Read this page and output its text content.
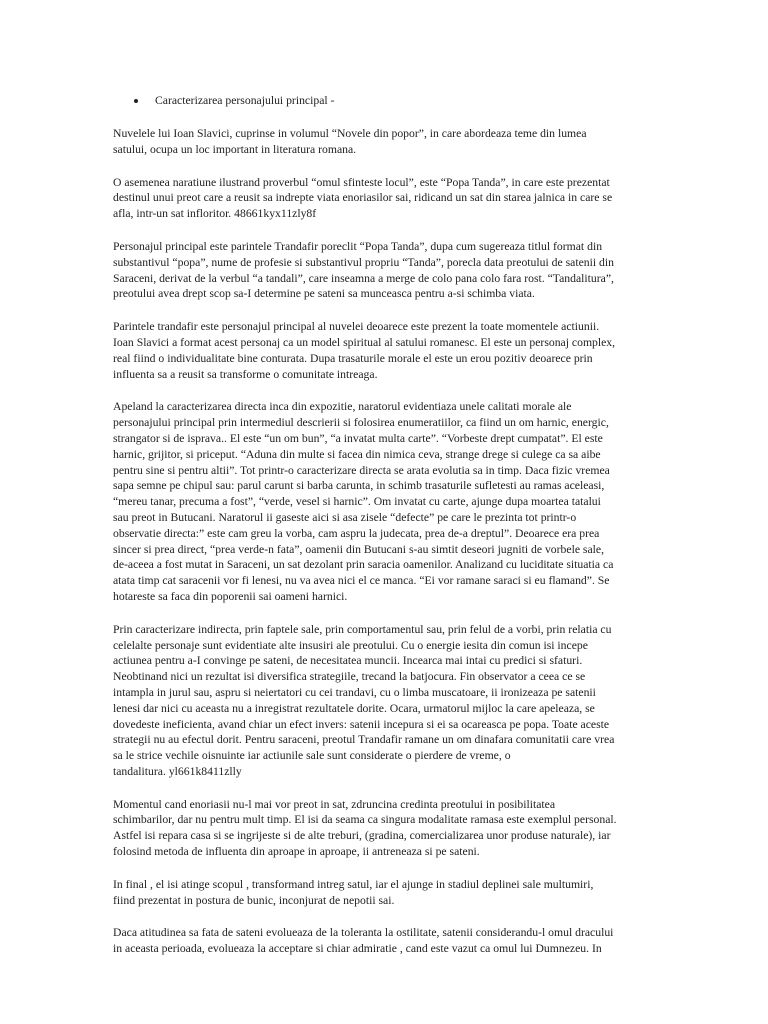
Caracterizarea personajului principal -

Nuvelele lui Ioan Slavici, cuprinse in volumul “Novele din popor”, in care abordeaza teme din lumea
satului, ocupa un loc important in literatura romana.

O asemenea naratiune ilustrand proverbul “omul sfinteste locul”, este “Popa Tanda”, in care este prezentat
destinul unui preot care a reusit sa indrepte viata enoriasilor sai, ridicand un sat din starea jalnica in care se
afla, intr-un sat infloritor. 48661kyx11zly8f

Personajul principal este parintele Trandafir poreclit “Popa Tanda”, dupa cum sugereaza titlul format din
substantivul “popa”, nume de profesie si substantivul propriu “Tanda”, porecla data preotului de satenii din
Saraceni, derivat de la verbul “a tandali”, care inseamna a merge de colo pana colo fara rost. “Tandalitura”,
preotului avea drept scop sa-I determine pe sateni sa munceasca pentru a-si schimba viata.

Parintele trandafir este personajul principal al nuvelei deoarece este prezent la toate momentele actiunii.
Ioan Slavici a format acest personaj ca un model spiritual al satului romanesc. El este un personaj complex,
real fiind o individualitate bine conturata. Dupa trasaturile morale el este un erou pozitiv deoarece prin
influenta sa a reusit sa transforme o comunitate intreaga.

Apeland la caracterizarea directa inca din expozitie, naratorul evidentiaza unele calitati morale ale
personajului principal prin intermediul descrierii si folosirea enumeratiilor, ca fiind un om harnic, energic,
strangator si de isprava.. El este “un om bun”, “a invatat multa carte”. “Vorbeste drept cumpatat”. El este
harnic, grijitor, si priceput. “Aduna din multe si facea din nimica ceva, strange drege si culege ca sa aibe
pentru sine si pentru altii”. Tot printr-o caracterizare directa se arata evolutia sa in timp. Daca fizic vremea
sapa semne pe chipul sau: parul carunt si barba carunta, in schimb trasaturile sufletesti au ramas aceleasi,
“mereu tanar, precuma a fost”, “verde, vesel si harnic”. Om invatat cu carte, ajunge dupa moartea tatalui
sau preot in Butucani. Naratorul ii gaseste aici si asa zisele “defecte” pe care le prezinta tot printr-o
observatie directa:” este cam greu la vorba, cam aspru la judecata, prea de-a dreptul”. Deoarece era prea
sincer si prea direct, “prea verde-n fata”, oamenii din Butucani s-au simtit deseori jugniti de vorbele sale,
de-aceea a fost mutat in Saraceni, un sat dezolant prin saracia oamenilor. Analizand cu luciditate situatia ca
atata timp cat saracenii vor fi lenesi, nu va avea nici el ce manca. “Ei vor ramane saraci si eu flamand”. Se
hotareste sa faca din poporenii sai oameni harnici.

Prin caracterizare indirecta, prin faptele sale, prin comportamentul sau, prin felul de a vorbi, prin relatia cu
celelalte personaje sunt evidentiate alte insusiri ale preotului. Cu o energie iesita din comun isi incepe
actiunea pentru a-I convinge pe sateni, de necesitatea muncii. Incearca mai intai cu predici si sfaturi.
Neobtinand nici un rezultat isi diversifica strategiile, trecand la batjocura. Fin observator a ceea ce se
intampla in jurul sau, aspru si neiertatori cu cei trandavi, cu o limba muscatoare, ii ironizeaza pe satenii
lenesi dar nici cu aceasta nu a inregistrat rezultatele dorite. Ocara, urmatorul mijloc la care apeleaza, se
dovedeste ineficienta, avand chiar un efect invers: satenii incepura si ei sa ocareasca pe popa. Toate aceste
strategii nu au efectul dorit. Pentru saraceni, preotul Trandafir ramane un om dinafara comunitatii care vrea
sa le strice vechile oisnuinte iar actiunile sale sunt considerate o pierdere de vreme, o
tandalitura. yl661k8411zlly

Momentul cand enoriasii nu-l mai vor preot in sat, zdruncina credinta preotului in posibilitatea
schimbarilor, dar nu pentru mult timp. El isi da seama ca singura modalitate ramasa este exemplul personal.
Astfel isi repara casa si se ingrijeste si de alte treburi, (gradina, comercializarea unor produse naturale), iar
folosind metoda de influenta din aproape in aproape, ii antreneaza si pe sateni.

In final , el isi atinge scopul , transformand intreg satul, iar el ajunge in stadiul deplinei sale multumiri,
fiind prezentat in postura de bunic, inconjurat de nepotii sai.

Daca atitudinea sa fata de sateni evolueaza de la toleranta la ostilitate, satenii considerandu-l omul dracului
in aceasta perioada, evolueaza la acceptare si chiar admiratie , cand este vazut ca omul lui Dumnezeu. In
